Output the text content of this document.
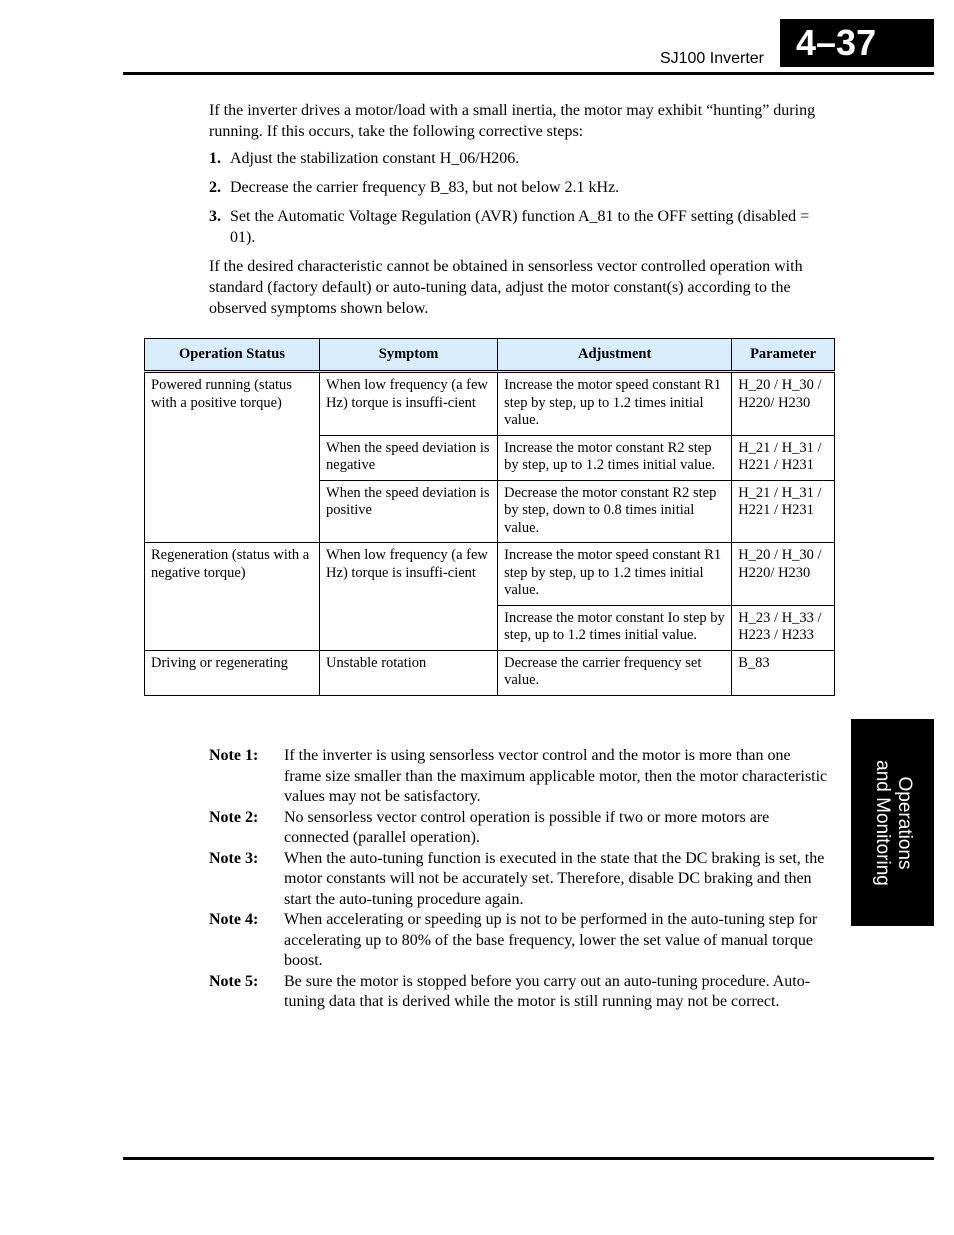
SJ100 Inverter 4–37
If the inverter drives a motor/load with a small inertia, the motor may exhibit “hunting” during running. If this occurs, take the following corrective steps:
1. Adjust the stabilization constant H_06/H206.
2. Decrease the carrier frequency B_83, but not below 2.1 kHz.
3. Set the Automatic Voltage Regulation (AVR) function A_81 to the OFF setting (disabled = 01).
If the desired characteristic cannot be obtained in sensorless vector controlled operation with standard (factory default) or auto-tuning data, adjust the motor constant(s) according to the observed symptoms shown below.
Operation Status	Symptom	Adjustment	Parameter
Powered running (status with a positive torque)	When low frequency (a few Hz) torque is insuffi-cient	Increase the motor speed constant R1 step by step, up to 1.2 times initial value.	H_20 / H_30 / H220/ H230
	When the speed deviation is negative	Increase the motor constant R2 step by step, up to 1.2 times initial value.	H_21 / H_31 / H221 / H231
	When the speed deviation is positive	Decrease the motor constant R2 step by step, down to 0.8 times initial value.	H_21 / H_31 / H221 / H231
Regeneration (status with a negative torque)	When low frequency (a few Hz) torque is insuffi-cient	Increase the motor speed constant R1 step by step, up to 1.2 times initial value.	H_20 / H_30 / H220/ H230
		Increase the motor constant Io step by step, up to 1.2 times initial value.	H_23 / H_33 / H223 / H233
Driving or regenerating	Unstable rotation	Decrease the carrier frequency set value.	B_83
Note 1:	If the inverter is using sensorless vector control and the motor is more than one frame size smaller than the maximum applicable motor, then the motor characteristic values may not be satisfactory.
Note 2:	No sensorless vector control operation is possible if two or more motors are connected (parallel operation).
Note 3:	When the auto-tuning function is executed in the state that the DC braking is set, the motor constants will not be accurately set. Therefore, disable DC braking and then start the auto-tuning procedure again.
Note 4:	When accelerating or speeding up is not to be performed in the auto-tuning step for accelerating up to 80% of the base frequency, lower the set value of manual torque boost.
Note 5:	Be sure the motor is stopped before you carry out an auto-tuning procedure. Auto-tuning data that is derived while the motor is still running may not be correct.
Operations
and Monitoring
